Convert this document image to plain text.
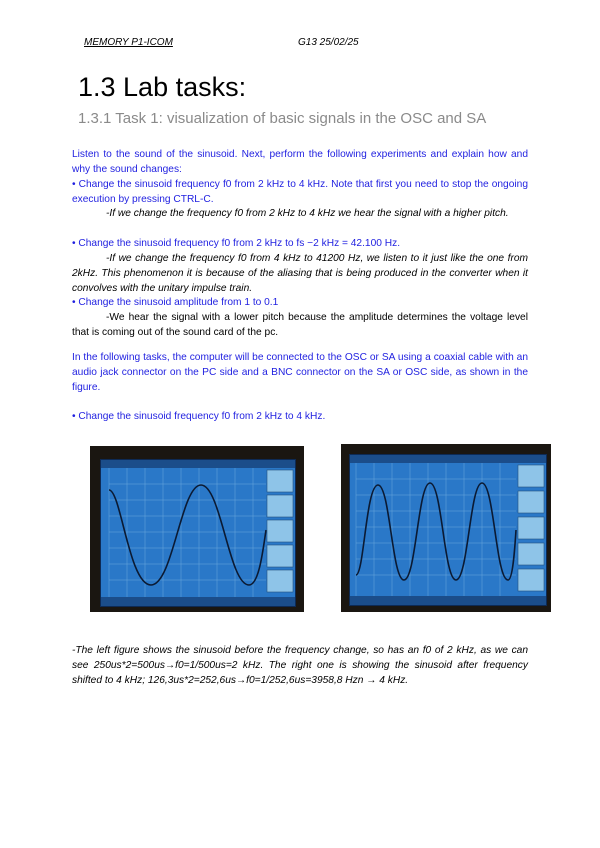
MEMORY P1-ICOM	G13 25/02/25
1.3 Lab tasks:
1.3.1 Task 1: visualization of basic signals in the OSC and SA
Listen to the sound of the sinusoid. Next, perform the following experiments and explain how and why the sound changes:
• Change the sinusoid frequency f0 from 2 kHz to 4 kHz. Note that first you need to stop the ongoing execution by pressing CTRL-C.
-If we change the frequency f0 from 2 kHz to 4 kHz we hear the signal with a higher pitch.
• Change the sinusoid frequency f0 from 2 kHz to fs −2 kHz = 42.100 Hz.
-If we change the frequency f0 from 4 kHz to 41200 Hz, we listen to it just like the one from 2kHz. This phenomenon it is because of the aliasing that is being produced in the converter when it convolves with the unitary impulse train.
• Change the sinusoid amplitude from 1 to 0.1
-We hear the signal with a lower pitch because the amplitude determines the voltage level that is coming out of the sound card of the pc.
In the following tasks, the computer will be connected to the OSC or SA using a coaxial cable with an audio jack connector on the PC side and a BNC connector on the SA or OSC side, as shown in the figure.
• Change the sinusoid frequency f0 from 2 kHz to 4 kHz.
-The left figure shows the sinusoid before the frequency change, so has an f0 of 2 kHz, as we can see 250us*2=500us→f0=1/500us=2 kHz. The right one is showing the sinusoid after frequency shifted to 4 kHz; 126,3us*2=252,6us→f0=1/252,6us=3958,8 Hzn → 4 kHz.
